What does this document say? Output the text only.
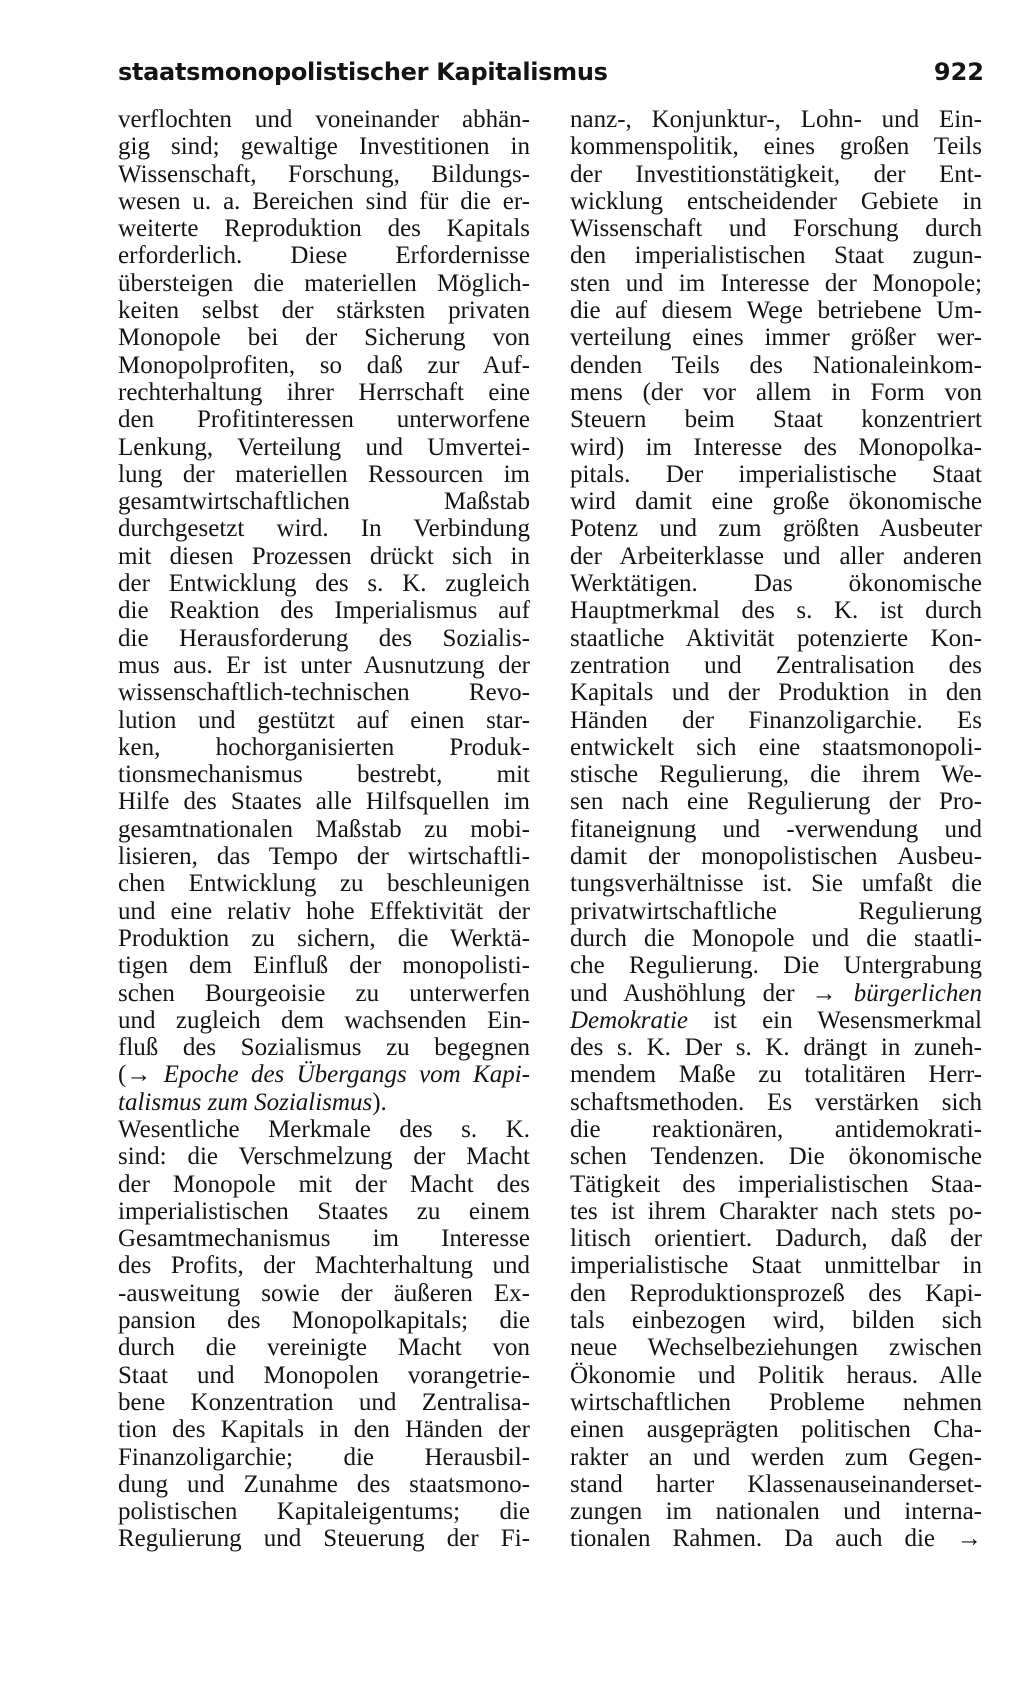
staatsmonopolistischer Kapitalismus	922
verflochten und voneinander abhän-
gig sind; gewaltige Investitionen in
Wissenschaft, Forschung, Bildungs-
wesen u. a. Bereichen sind für die er-
weiterte Reproduktion des Kapitals
erforderlich. Diese Erfordernisse
übersteigen die materiellen Möglich-
keiten selbst der stärksten privaten
Monopole bei der Sicherung von
Monopolprofiten, so daß zur Auf-
rechterhaltung ihrer Herrschaft eine
den Profitinteressen unterworfene
Lenkung, Verteilung und Umvertei-
lung der materiellen Ressourcen im
gesamtwirtschaftlichen Maßstab
durchgesetzt wird. In Verbindung
mit diesen Prozessen drückt sich in
der Entwicklung des s. K. zugleich
die Reaktion des Imperialismus auf
die Herausforderung des Sozialis-
mus aus. Er ist unter Ausnutzung der
wissenschaftlich-technischen Revo-
lution und gestützt auf einen star-
ken, hochorganisierten Produk-
tionsmechanismus bestrebt, mit
Hilfe des Staates alle Hilfsquellen im
gesamtnationalen Maßstab zu mobi-
lisieren, das Tempo der wirtschaftli-
chen Entwicklung zu beschleunigen
und eine relativ hohe Effektivität der
Produktion zu sichern, die Werktä-
tigen dem Einfluß der monopolisti-
schen Bourgeoisie zu unterwerfen
und zugleich dem wachsenden Ein-
fluß des Sozialismus zu begegnen
(→ Epoche des Übergangs vom Kapi-
talismus zum Sozialismus).
Wesentliche Merkmale des s. K.
sind: die Verschmelzung der Macht
der Monopole mit der Macht des
imperialistischen Staates zu einem
Gesamtmechanismus im Interesse
des Profits, der Machterhaltung und
-ausweitung sowie der äußeren Ex-
pansion des Monopolkapitals; die
durch die vereinigte Macht von
Staat und Monopolen vorangetrie-
bene Konzentration und Zentralisa-
tion des Kapitals in den Händen der
Finanzoligarchie; die Herausbil-
dung und Zunahme des staatsmono-
polistischen Kapitaleigentums; die
Regulierung und Steuerung der Fi-
nanz-, Konjunktur-, Lohn- und Ein-
kommenspolitik, eines großen Teils
der Investitionstätigkeit, der Ent-
wicklung entscheidender Gebiete in
Wissenschaft und Forschung durch
den imperialistischen Staat zugun-
sten und im Interesse der Monopole;
die auf diesem Wege betriebene Um-
verteilung eines immer größer wer-
denden Teils des Nationaleinkom-
mens (der vor allem in Form von
Steuern beim Staat konzentriert
wird) im Interesse des Monopolka-
pitals. Der imperialistische Staat
wird damit eine große ökonomische
Potenz und zum größten Ausbeuter
der Arbeiterklasse und aller anderen
Werktätigen. Das ökonomische
Hauptmerkmal des s. K. ist durch
staatliche Aktivität potenzierte Kon-
zentration und Zentralisation des
Kapitals und der Produktion in den
Händen der Finanzoligarchie. Es
entwickelt sich eine staatsmonopoli-
stische Regulierung, die ihrem We-
sen nach eine Regulierung der Pro-
fitaneignung und -verwendung und
damit der monopolistischen Ausbeu-
tungsverhältnisse ist. Sie umfaßt die
privatwirtschaftliche Regulierung
durch die Monopole und die staatli-
che Regulierung. Die Untergrabung
und Aushöhlung der → bürgerlichen
Demokratie ist ein Wesensmerkmal
des s. K. Der s. K. drängt in zuneh-
mendem Maße zu totalitären Herr-
schaftsmethoden. Es verstärken sich
die reaktionären, antidemokrati-
schen Tendenzen. Die ökonomische
Tätigkeit des imperialistischen Staa-
tes ist ihrem Charakter nach stets po-
litisch orientiert. Dadurch, daß der
imperialistische Staat unmittelbar in
den Reproduktionsprozeß des Kapi-
tals einbezogen wird, bilden sich
neue Wechselbeziehungen zwischen
Ökonomie und Politik heraus. Alle
wirtschaftlichen Probleme nehmen
einen ausgeprägten politischen Cha-
rakter an und werden zum Gegen-
stand harter Klassenauseinanderset-
zungen im nationalen und interna-
tionalen Rahmen. Da auch die →
